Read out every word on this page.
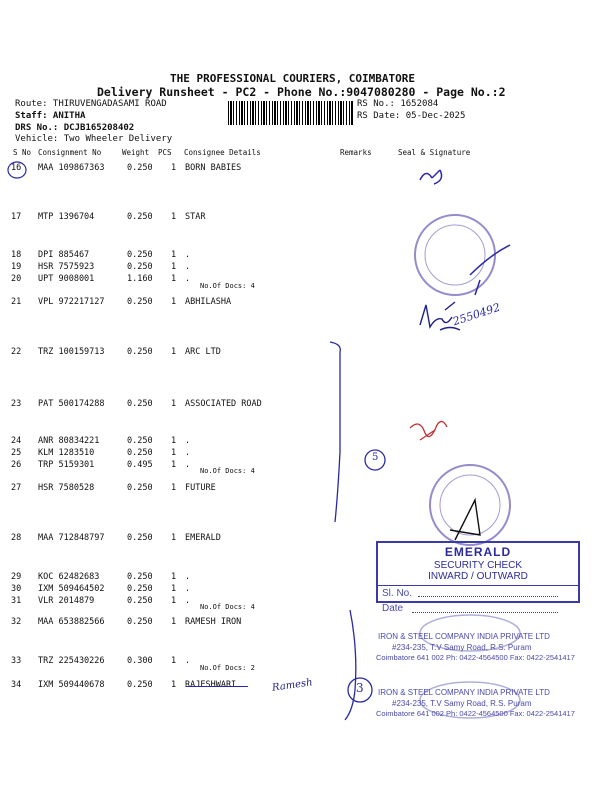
THE PROFESSIONAL COURIERS, COIMBATORE
Delivery Runsheet - PC2 - Phone No.:9047080280 - Page No.:2
Route: THIRUVENGADASAMI ROAD
Staff: ANITHA
DRS No.: DCJB165208402
Vehicle: Two Wheeler Delivery
RS No.: 1652084
RS Date: 05-Dec-2025
S No Consignment No	Weight PCS Consignee Details	Remarks	Seal & Signature
16 MAA 109867363	0.250 1 BORN BABIES
17 MTP 1396704	0.250 1 STAR
18 DPI 885467	0.250 1 .
19 HSR 7575923	0.250 1 .
20 UPT 9008001	1.160 1 .
21 VPL 972217127	0.250 1 ABHILASHA
22 TRZ 100159713	0.250 1 ARC LTD
23 PAT 500174288	0.250 1 ASSOCIATED ROAD
24 ANR 80834221	0.250 1 .
25 KLM 1283510	0.250 1 .
26 TRP 5159301	0.495 1 .
27 HSR 7580528	0.250 1 FUTURE
28 MAA 712848797	0.250 1 EMERALD
29 KOC 62482683	0.250 1 .
30 IXM 509464502	0.250 1 .
31 VLR 2014879	0.250 1 .
32 MAA 653882566	0.250 1 RAMESH IRON
33 TRZ 225430226	0.300 1 .
34 IXM 509440678	0.250 1 RAJESHWARI
No.Of Docs: 4
No.Of Docs: 4
No.Of Docs: 4
No.Of Docs: 2
2550492
5
3
Ramesh
EMERALD
SECURITY CHECK
INWARD / OUTWARD
Sl. No.
Date
IRON & STEEL COMPANY INDIA PRIVATE LTD
#234-235, T.V Samy Road, R.S. Puram
Coimbatore 641 002 Ph: 0422-4564500 Fax: 0422-2541417
IRON & STEEL COMPANY INDIA PRIVATE LTD
#234-235, T.V Samy Road, R.S. Puram
Coimbatore 641 002 Ph: 0422-4564500 Fax: 0422-2541417
